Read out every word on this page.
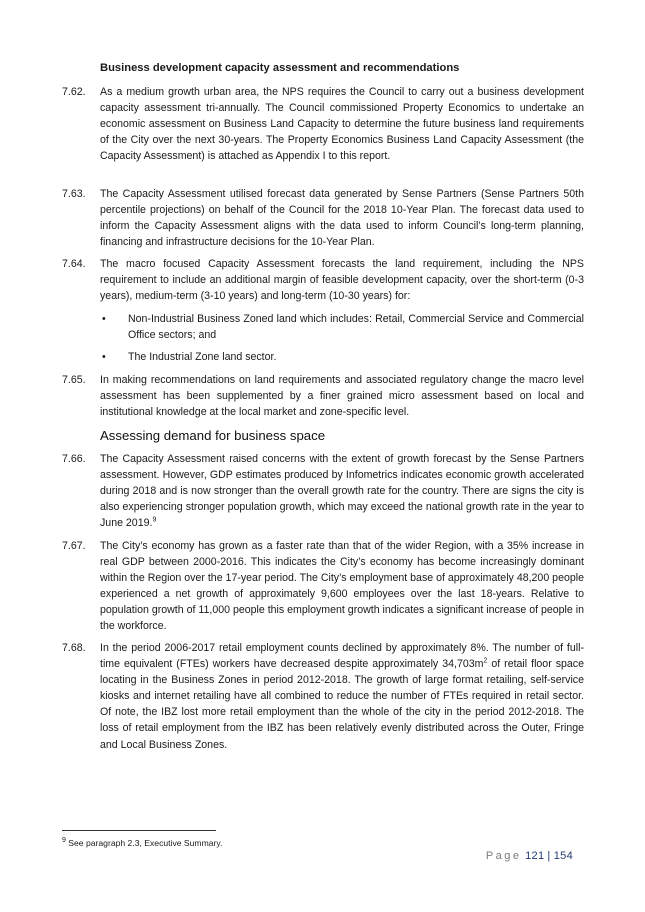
Business development capacity assessment and recommendations
7.62.	As a medium growth urban area, the NPS requires the Council to carry out a business development capacity assessment tri-annually. The Council commissioned Property Economics to undertake an economic assessment on Business Land Capacity to determine the future business land requirements of the City over the next 30-years. The Property Economics Business Land Capacity Assessment (the Capacity Assessment) is attached as Appendix I to this report.
7.63.	The Capacity Assessment utilised forecast data generated by Sense Partners (Sense Partners 50th percentile projections) on behalf of the Council for the 2018 10-Year Plan. The forecast data used to inform the Capacity Assessment aligns with the data used to inform Council’s long-term planning, financing and infrastructure decisions for the 10-Year Plan.
7.64.	The macro focused Capacity Assessment forecasts the land requirement, including the NPS requirement to include an additional margin of feasible development capacity, over the short-term (0-3 years), medium-term (3-10 years) and long-term (10-30 years) for:
• Non-Industrial Business Zoned land which includes: Retail, Commercial Service and Commercial Office sectors; and
• The Industrial Zone land sector.
7.65.	In making recommendations on land requirements and associated regulatory change the macro level assessment has been supplemented by a finer grained micro assessment based on local and institutional knowledge at the local market and zone-specific level.
Assessing demand for business space
7.66.	The Capacity Assessment raised concerns with the extent of growth forecast by the Sense Partners assessment. However, GDP estimates produced by Infometrics indicates economic growth accelerated during 2018 and is now stronger than the overall growth rate for the country. There are signs the city is also experiencing stronger population growth, which may exceed the national growth rate in the year to June 2019.$^9$
7.67.	The City’s economy has grown as a faster rate than that of the wider Region, with a 35% increase in real GDP between 2000-2016. This indicates the City’s economy has become increasingly dominant within the Region over the 17-year period. The City’s employment base of approximately 48,200 people experienced a net growth of approximately 9,600 employees over the last 18-years. Relative to population growth of 11,000 people this employment growth indicates a significant increase of people in the workforce.
7.68.	In the period 2006-2017 retail employment counts declined by approximately 8%. The number of full-time equivalent (FTEs) workers have decreased despite approximately $34,703m^2$ of retail floor space locating in the Business Zones in period 2012-2018. The growth of large format retailing, self-service kiosks and internet retailing have all combined to reduce the number of FTEs required in retail sector. Of note, the IBZ lost more retail employment than the whole of the city in the period 2012-2018. The loss of retail employment from the IBZ has been relatively evenly distributed across the Outer, Fringe and Local Business Zones.
$^9$ See paragraph 2.3, Executive Summary.
Page 121 | 154
